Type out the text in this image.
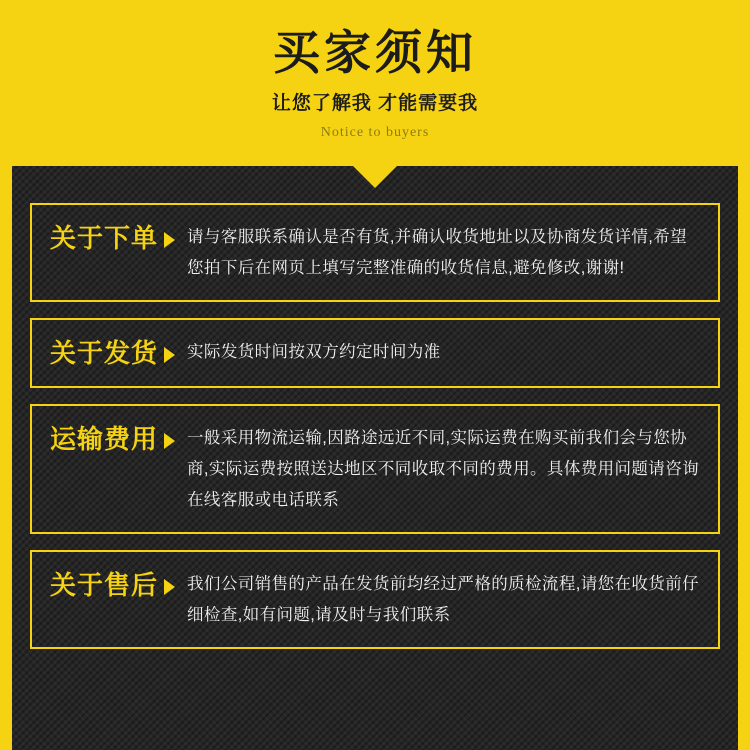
买家须知

让您了解我 才能需要我

Notice to buyers

关于下单	请与客服联系确认是否有货,并确认收货地址以及协商发货详情,希望您拍下后在网页上填写完整准确的收货信息,避免修改,谢谢!
关于发货	实际发货时间按双方约定时间为准
运输费用	一般采用物流运输,因路途远近不同,实际运费在购买前我们会与您协商,实际运费按照送达地区不同收取不同的费用。具体费用问题请咨询在线客服或电话联系
关于售后	我们公司销售的产品在发货前均经过严格的质检流程,请您在收货前仔细检查,如有问题,请及时与我们联系
